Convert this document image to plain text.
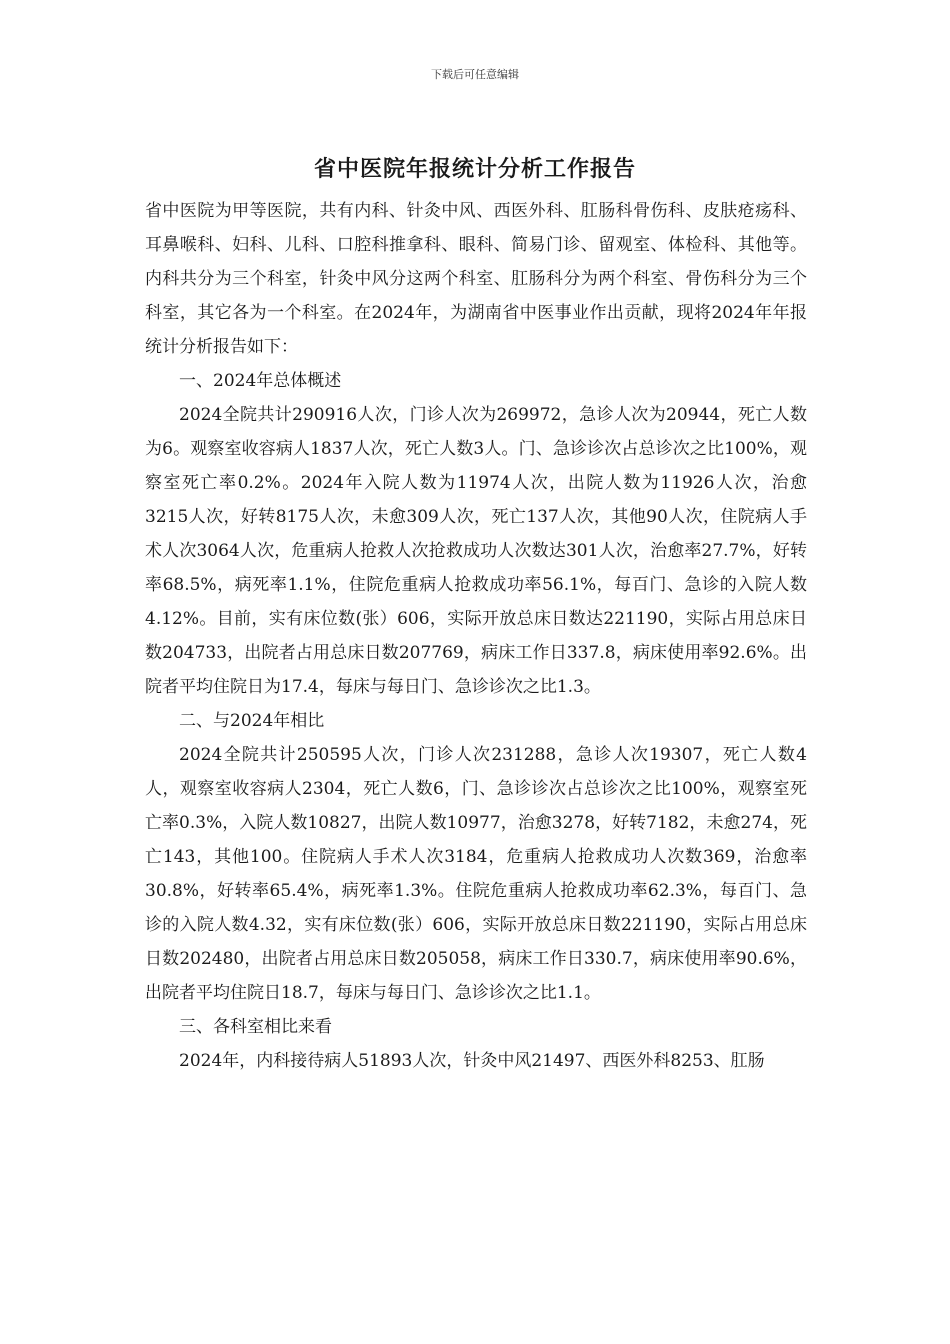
下载后可任意编辑
省中医院年报统计分析工作报告

省中医院为甲等医院，共有内科、针灸中风、西医外科、肛肠科骨伤科、皮肤疮疡科、耳鼻喉科、妇科、儿科、口腔科推拿科、眼科、简易门诊、留观室、体检科、其他等。内科共分为三个科室，针灸中风分这两个科室、肛肠科分为两个科室、骨伤科分为三个科室，其它各为一个科室。在2024年，为湖南省中医事业作出贡献，现将2024年年报统计分析报告如下：

一、2024年总体概述

2024全院共计290916人次，门诊人次为269972，急诊人次为20944，死亡人数为6。观察室收容病人1837人次，死亡人数3人。门、急诊诊次占总诊次之比100%，观察室死亡率0.2%。2024年入院人数为11974人次，出院人数为11926人次，治愈3215人次，好转8175人次，未愈309人次，死亡137人次，其他90人次，住院病人手术人次3064人次，危重病人抢救人次抢救成功人次数达301人次，治愈率27.7%，好转率68.5%，病死率1.1%，住院危重病人抢救成功率56.1%，每百门、急诊的入院人数4.12%。目前，实有床位数(张）606，实际开放总床日数达221190，实际占用总床日数204733，出院者占用总床日数207769，病床工作日337.8，病床使用率92.6%。出院者平均住院日为17.4，每床与每日门、急诊诊次之比1.3。

二、与2024年相比

2024全院共计250595人次，门诊人次231288，急诊人次19307，死亡人数4人，观察室收容病人2304，死亡人数6，门、急诊诊次占总诊次之比100%，观察室死亡率0.3%，入院人数10827，出院人数10977，治愈3278，好转7182，未愈274，死亡143，其他100。住院病人手术人次3184，危重病人抢救成功人次数369，治愈率30.8%，好转率65.4%，病死率1.3%。住院危重病人抢救成功率62.3%，每百门、急诊的入院人数4.32，实有床位数(张）606，实际开放总床日数221190，实际占用总床日数202480，出院者占用总床日数205058，病床工作日330.7，病床使用率90.6%，出院者平均住院日18.7，每床与每日门、急诊诊次之比1.1。

三、各科室相比来看

2024年，内科接待病人51893人次，针灸中风21497、西医外科8253、肛肠
